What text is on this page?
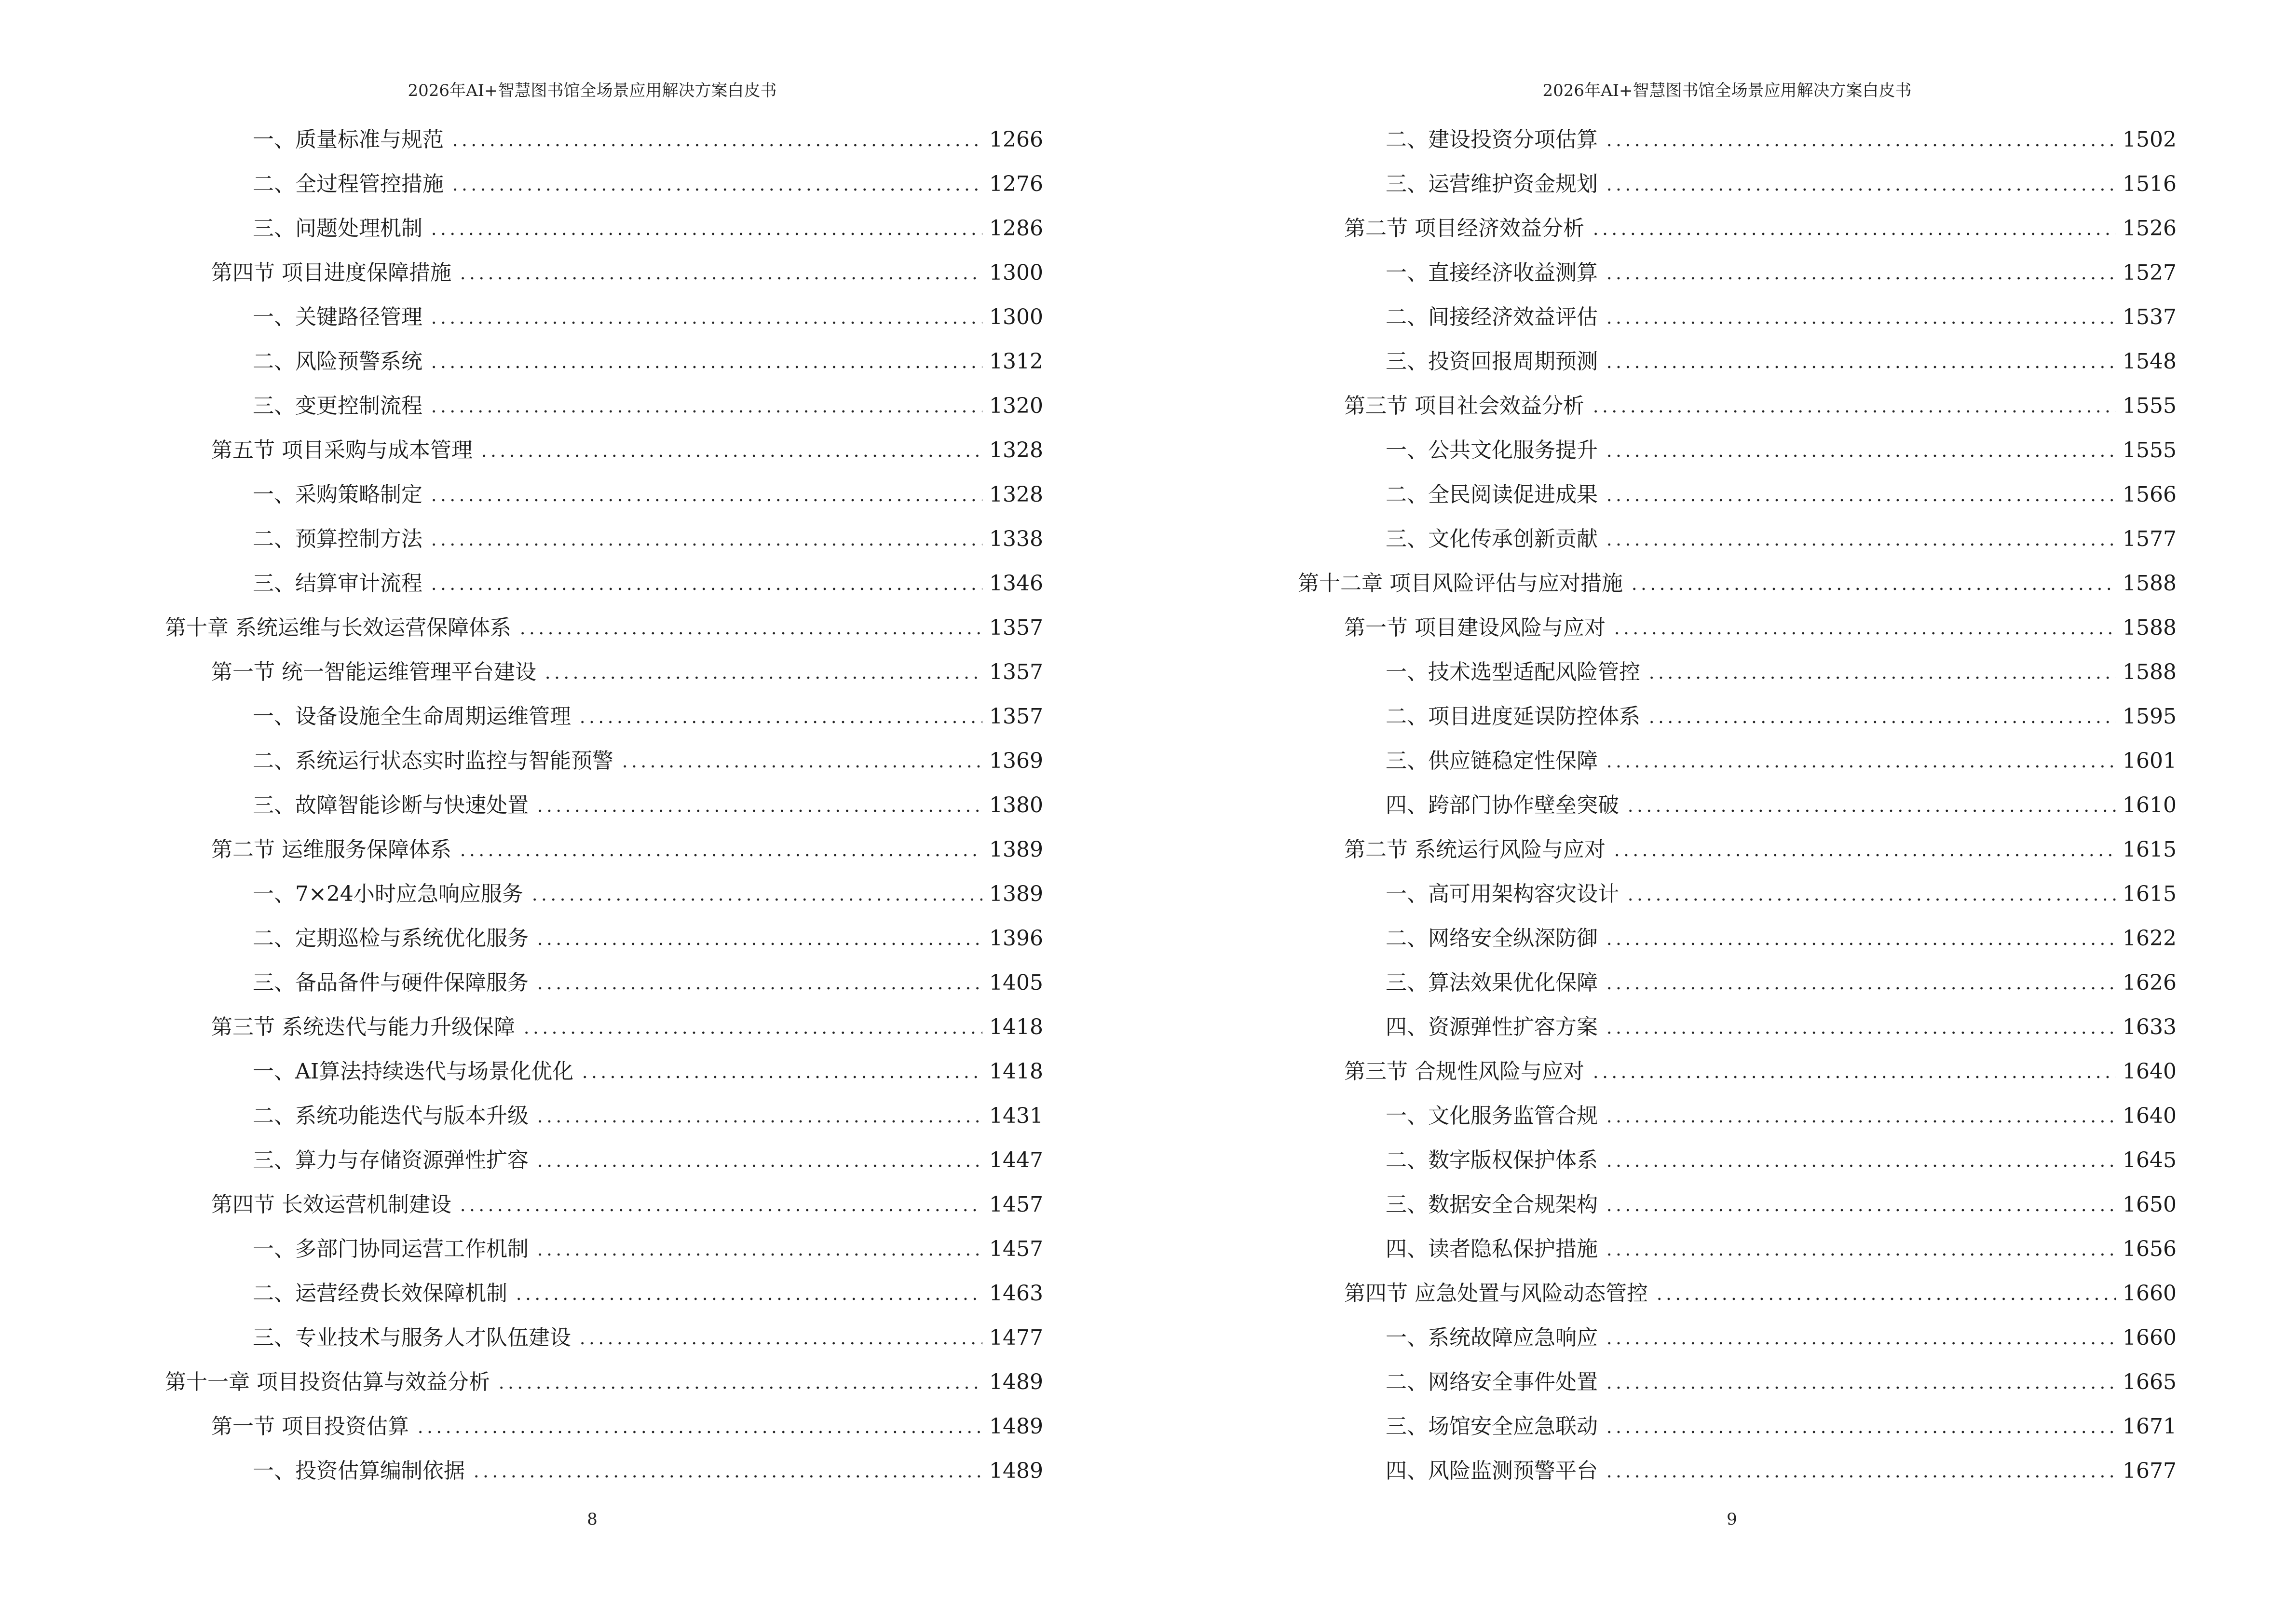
2026年AI+智慧图书馆全场景应用解决方案白皮书
一、质量标准与规范	1266
二、全过程管控措施	1276
三、问题处理机制	1286
第四节 项目进度保障措施	1300
一、关键路径管理	1300
二、风险预警系统	1312
三、变更控制流程	1320
第五节 项目采购与成本管理	1328
一、采购策略制定	1328
二、预算控制方法	1338
三、结算审计流程	1346
第十章 系统运维与长效运营保障体系	1357
第一节 统一智能运维管理平台建设	1357
一、设备设施全生命周期运维管理	1357
二、系统运行状态实时监控与智能预警	1369
三、故障智能诊断与快速处置	1380
第二节 运维服务保障体系	1389
一、7×24小时应急响应服务	1389
二、定期巡检与系统优化服务	1396
三、备品备件与硬件保障服务	1405
第三节 系统迭代与能力升级保障	1418
一、AI算法持续迭代与场景化优化	1418
二、系统功能迭代与版本升级	1431
三、算力与存储资源弹性扩容	1447
第四节 长效运营机制建设	1457
一、多部门协同运营工作机制	1457
二、运营经费长效保障机制	1463
三、专业技术与服务人才队伍建设	1477
第十一章 项目投资估算与效益分析	1489
第一节 项目投资估算	1489
一、投资估算编制依据	1489
8
2026年AI+智慧图书馆全场景应用解决方案白皮书
二、建设投资分项估算	1502
三、运营维护资金规划	1516
第二节 项目经济效益分析	1526
一、直接经济收益测算	1527
二、间接经济效益评估	1537
三、投资回报周期预测	1548
第三节 项目社会效益分析	1555
一、公共文化服务提升	1555
二、全民阅读促进成果	1566
三、文化传承创新贡献	1577
第十二章 项目风险评估与应对措施	1588
第一节 项目建设风险与应对	1588
一、技术选型适配风险管控	1588
二、项目进度延误防控体系	1595
三、供应链稳定性保障	1601
四、跨部门协作壁垒突破	1610
第二节 系统运行风险与应对	1615
一、高可用架构容灾设计	1615
二、网络安全纵深防御	1622
三、算法效果优化保障	1626
四、资源弹性扩容方案	1633
第三节 合规性风险与应对	1640
一、文化服务监管合规	1640
二、数字版权保护体系	1645
三、数据安全合规架构	1650
四、读者隐私保护措施	1656
第四节 应急处置与风险动态管控	1660
一、系统故障应急响应	1660
二、网络安全事件处置	1665
三、场馆安全应急联动	1671
四、风险监测预警平台	1677
9
